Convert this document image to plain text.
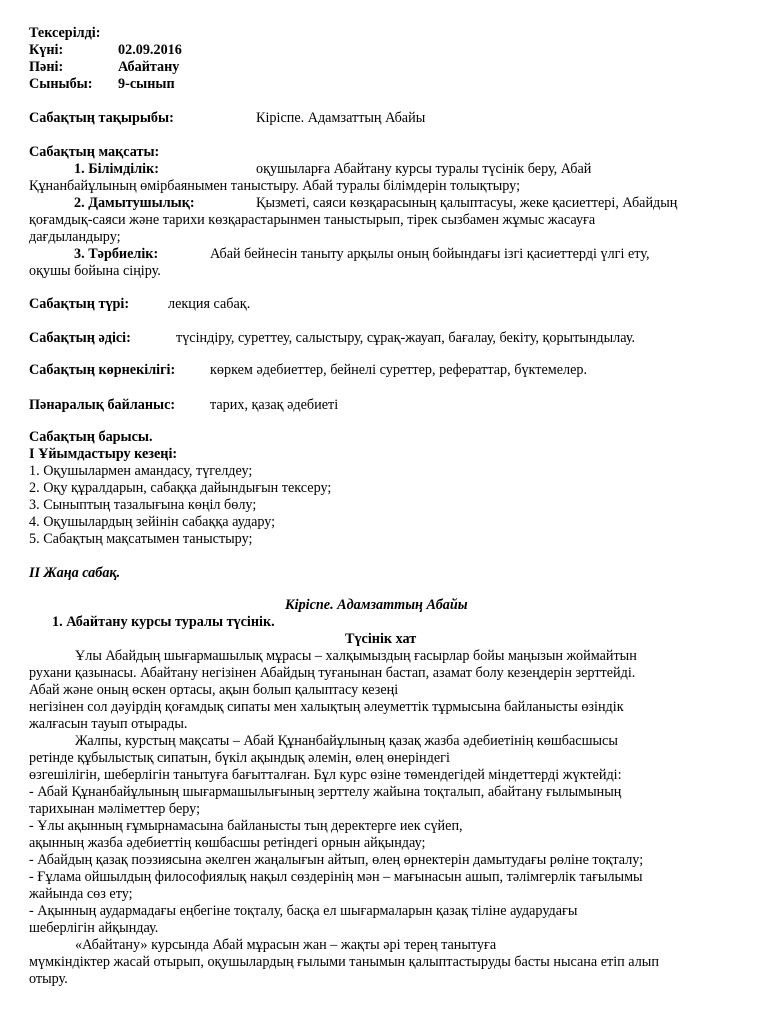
Тексерілді:
Күні:	02.09.2016
Пәні:	Абайтану
Сыныбы: 9-сынып
Сабақтың тақырыбы:	Кіріспе. Адамзаттың Абайы
Сабақтың мақсаты:
1. Білімділік:	оқушыларға Абайтану курсы туралы түсінік беру, Абай
Құнанбайұлының өмірбаянымен таныстыру. Абай туралы білімдерін толықтыру;
2. Дамытушылық:	Қызметі, саяси көзқарасының қалыптасуы, жеке қасиеттері, Абайдың
қоғамдық-саяси және тарихи көзқарастарынмен таныстырып, тірек сызбамен жұмыс жасауға
дағдыландыру;
3. Тәрбиелік:	Абай бейнесін таныту арқылы оның бойындағы ізгі қасиеттерді үлгі ету,
оқушы бойына сіңіру.
Сабақтың түрі:	лекция сабақ.
Сабақтың әдісі:	түсіндіру, суреттеу, салыстыру, сұрақ-жауап, бағалау, бекіту, қорытындылау.
Сабақтың көрнекілігі: көркем әдебиеттер, бейнелі суреттер, рефераттар, бүктемелер.
Пәнаралық байланыс: тарих, қазақ әдебиеті
Сабақтың барысы.
І Ұйымдастыру кезеңі:
1. Оқушылармен амандасу, түгелдеу;
2. Оқу құралдарын, сабаққа дайындығын тексеру;
3. Сыныптың тазалығына көңіл бөлу;
4. Оқушылардың зейінін сабаққа аудару;
5. Сабақтың мақсатымен таныстыру;
ІІ Жаңа сабақ.
Кіріспе. Адамзаттың Абайы
1. Абайтану курсы туралы түсінік.
Түсінік хат
Ұлы Абайдың шығармашылық мұрасы – халқымыздың ғасырлар бойы маңызын жоймайтын
рухани қазынасы. Абайтану негізінен Абайдың туғанынан бастап, азамат болу кезеңдерін зерттейді.
Абай және оның өскен ортасы, ақын болып қалыптасу кезеңі
негізінен сол дәуірдің қоғамдық сипаты мен халықтың әлеуметтік тұрмысына байланысты өзіндік
жалғасын тауып отырады.
Жалпы, курстың мақсаты – Абай Құнанбайұлының қазақ жазба әдебиетінің көшбасшысы
ретінде құбылыстық сипатын, бүкіл ақындық әлемін, өлең өнеріндегі
өзгешілігін, шеберлігін танытуға бағытталған. Бұл курс өзіне төмендегідей міндеттерді жүктейді:
- Абай Құнанбайұлының шығармашылығының зерттелу жайына тоқталып, абайтану ғылымының
тарихынан мәліметтер беру;
- Ұлы ақынның ғұмырнамасына байланысты тың деректерге иек сүйеп,
ақынның жазба әдебиеттің көшбасшы ретіндегі орнын айқындау;
- Абайдың қазақ поэзиясына әкелген жаңалығын айтып, өлең өрнектерін дамытудағы рөліне тоқталу;
- Ғұлама ойшылдың философиялық нақыл сөздерінің мән – мағынасын ашып, тәлімгерлік тағылымы
жайында сөз ету;
- Ақынның аудармадағы еңбегіне тоқталу, басқа ел шығармаларын қазақ тіліне аударудағы
шеберлігін айқындау.
«Абайтану» курсында Абай мұрасын жан – жақты әрі терең танытуға
мүмкіндіктер жасай отырып, оқушылардың ғылыми танымын қалыптастыруды басты нысана етіп алып
отыру.
